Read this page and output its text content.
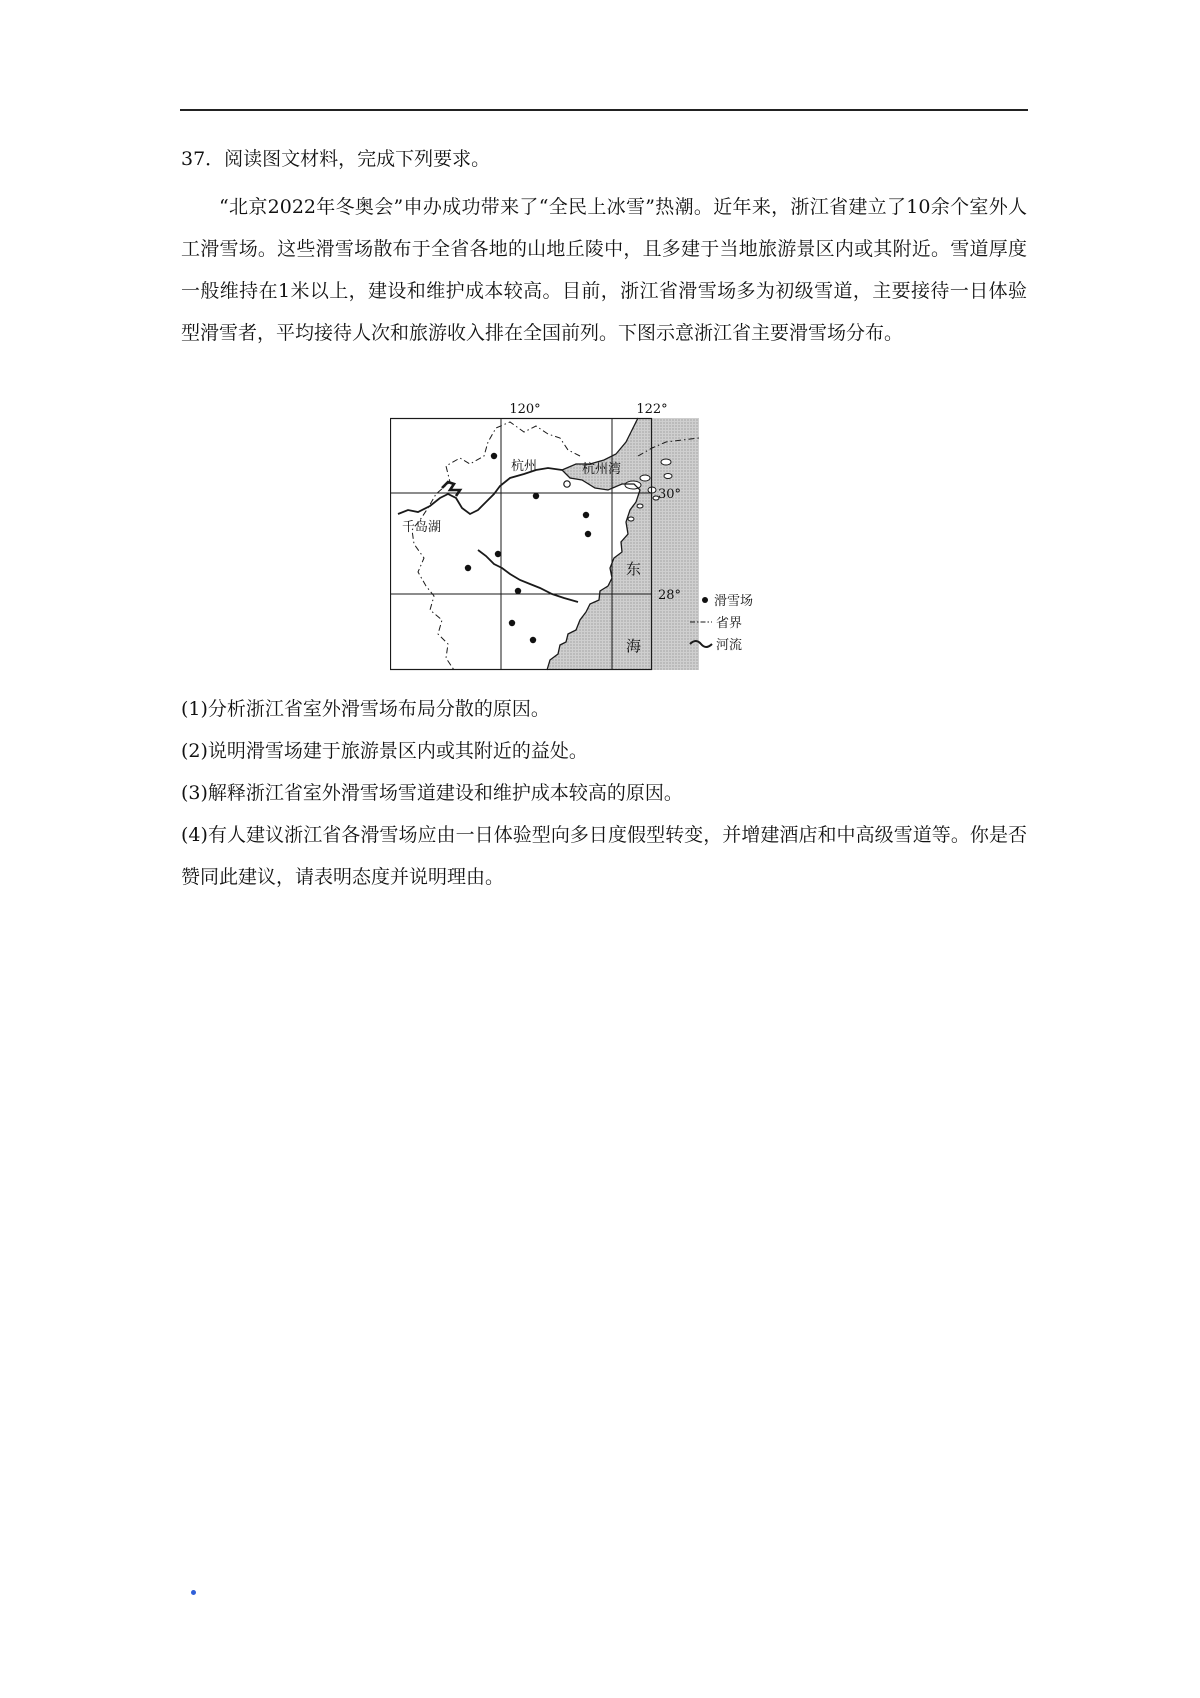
37．阅读图文材料，完成下列要求。

“北京2022年冬奥会”申办成功带来了“全民上冰雪”热潮。近年来，浙江省建立了10余个室外人工滑雪场。这些滑雪场散布于全省各地的山地丘陵中，且多建于当地旅游景区内或其附近。雪道厚度一般维持在1米以上，建设和维护成本较高。目前，浙江省滑雪场多为初级雪道，主要接待一日体验型滑雪者，平均接待人次和旅游收入排在全国前列。下图示意浙江省主要滑雪场分布。

120°	122°
30°
28°
杭州	杭州湾
千岛湖
东
海
滑雪场
省界
河流

(1)分析浙江省室外滑雪场布局分散的原因。

(2)说明滑雪场建于旅游景区内或其附近的益处。

(3)解释浙江省室外滑雪场雪道建设和维护成本较高的原因。

(4)有人建议浙江省各滑雪场应由一日体验型向多日度假型转变，并增建酒店和中高级雪道等。你是否赞同此建议，请表明态度并说明理由。
